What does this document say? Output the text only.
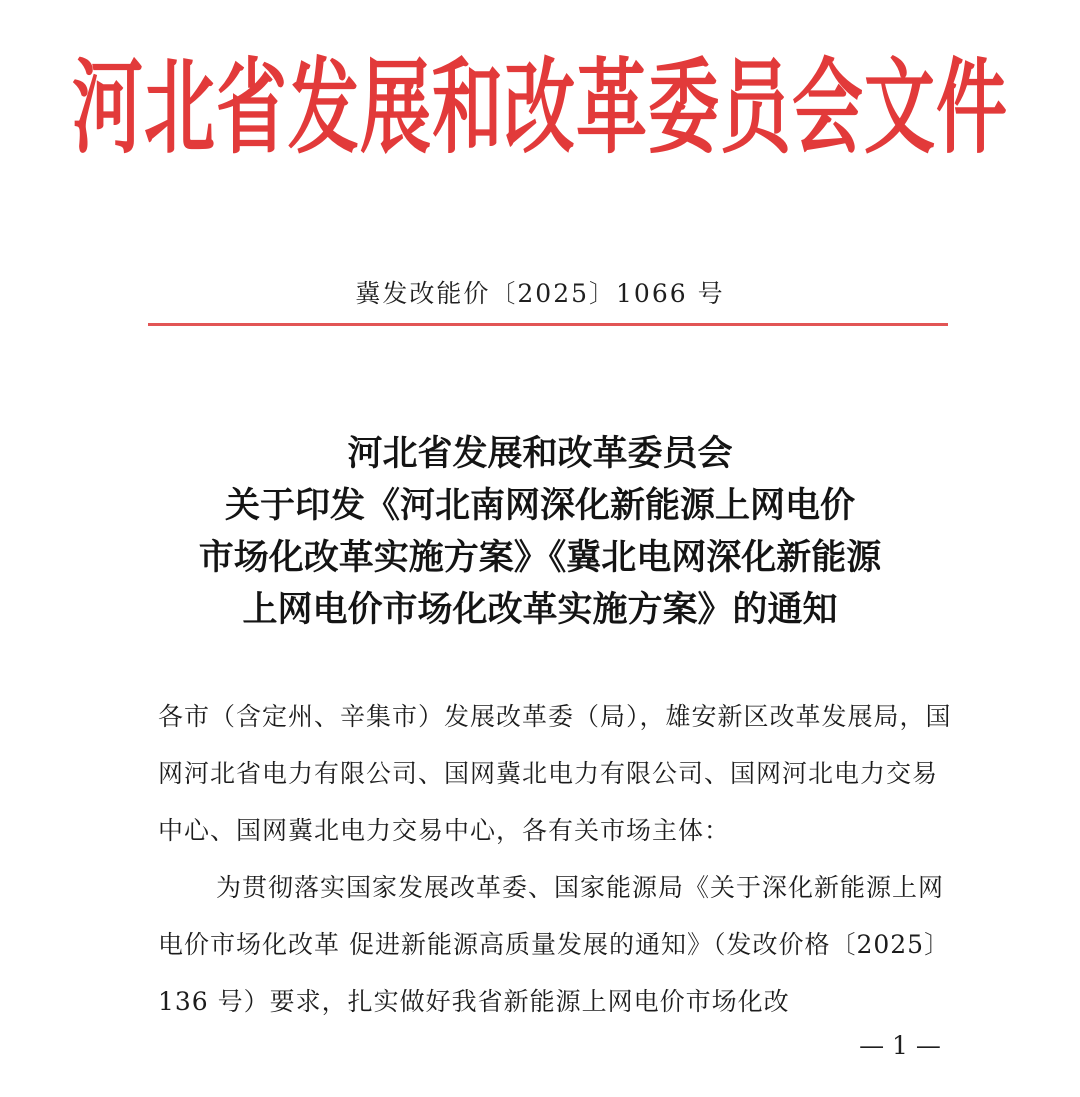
河北省发展和改革委员会文件
冀发改能价〔2025〕1066 号
河北省发展和改革委员会
关于印发《河北南网深化新能源上网电价
市场化改革实施方案》《冀北电网深化新能源
上网电价市场化改革实施方案》的通知

各市（含定州、辛集市）发展改革委（局），雄安新区改革发展局，国网河北省电力有限公司、国网冀北电力有限公司、国网河北电力交易中心、国网冀北电力交易中心，各有关市场主体：

为贯彻落实国家发展改革委、国家能源局《关于深化新能源上网电价市场化改革 促进新能源高质量发展的通知》（发改价格〔2025〕136 号）要求，扎实做好我省新能源上网电价市场化改

— 1 —
